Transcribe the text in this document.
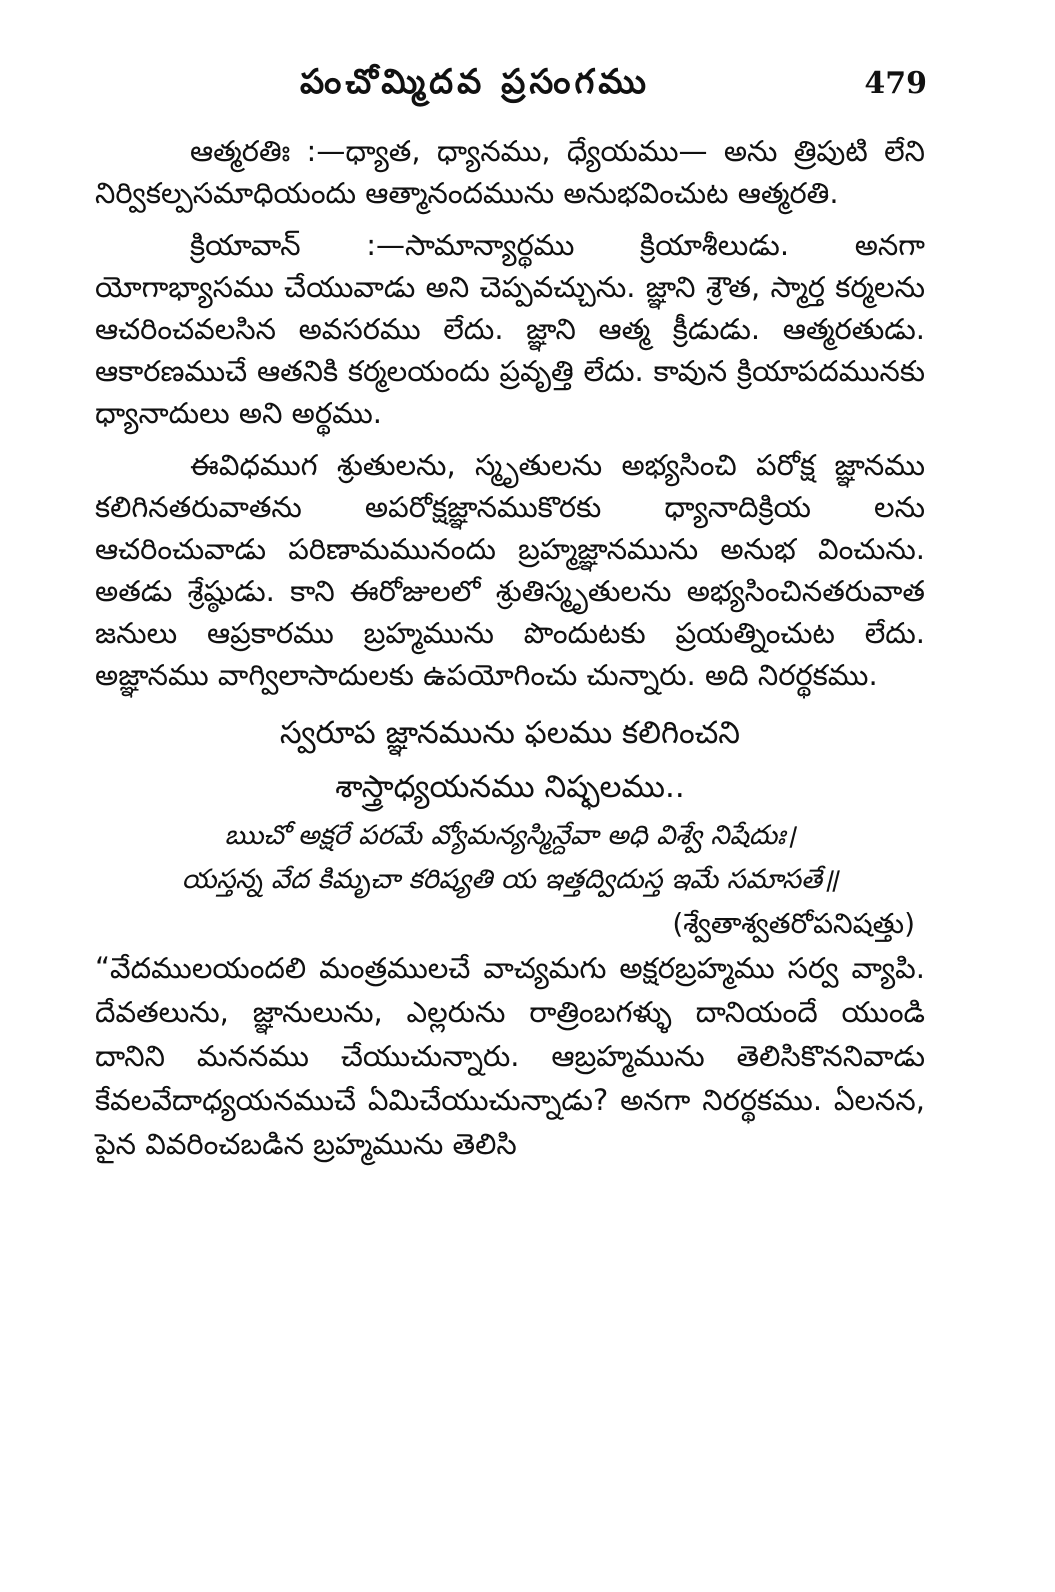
పంచోమ్మిదవ ప్రసంగము	479

ఆత్మరతిః :—ధ్యాత, ధ్యానము, ధ్యేయము— అను త్రిపుటి లేని నిర్వికల్పసమాధియందు ఆత్మానందమును అనుభవించుట ఆత్మరతి.

క్రియావాన్ :—సామాన్యార్థము క్రియాశీలుడు. అనగా యోగాభ్యాసము చేయువాడు అని చెప్పవచ్చును. జ్ఞాని శ్రౌత, స్మార్త కర్మలను ఆచరించవలసిన అవసరము లేదు. జ్ఞాని ఆత్మ క్రీడుడు. ఆత్మరతుడు. ఆకారణముచే ఆతనికి కర్మలయందు ప్రవృత్తి లేదు. కావున క్రియాపదమునకు ధ్యానాదులు అని అర్థము.

ఈవిధముగ శ్రుతులను, స్మృతులను అభ్యసించి పరోక్ష జ్ఞానము కలిగినతరువాతను అపరోక్షజ్ఞానముకొరకు ధ్యానాదిక్రియ లను ఆచరించువాడు పరిణామమునందు బ్రహ్మజ్ఞానమును అనుభ వించును. అతడు శ్రేష్ఠుడు. కాని ఈరోజులలో శ్రుతిస్మృతులను అభ్యసించినతరువాత జనులు ఆప్రకారము బ్రహ్మమును పొందుటకు ప్రయత్నించుట లేదు. అజ్ఞానము వాగ్విలాసాదులకు ఉపయోగించు చున్నారు. అది నిరర్థకము.

స్వరూప జ్ఞానమును ఫలము కలిగించని

శాస్త్రాధ్యయనము నిష్ఫలము..

ఋచో అక్షరే పరమే వ్యోమన్యస్మిన్దేవా అధి విశ్వే నిషేదుః।

యస్తన్న వేద కిమృచా కరిష్యతి య ఇత్తద్విదుస్త ఇమే సమాసతే॥

(శ్వేతాశ్వతరోపనిషత్తు)

“వేదములయందలి మంత్రములచే వాచ్యమగు అక్షరబ్రహ్మము సర్వ వ్యాపి. దేవతలును, జ్ఞానులును, ఎల్లరును రాత్రింబగళ్ళు దానియందే యుండి దానిని మననము చేయుచున్నారు. ఆబ్రహ్మమును తెలిసికొననివాడు కేవలవేదాధ్యయనముచే ఏమిచేయుచున్నాడు? అనగా నిరర్థకము. ఏలనన, పైన వివరించబడిన బ్రహ్మమును తెలిసి
